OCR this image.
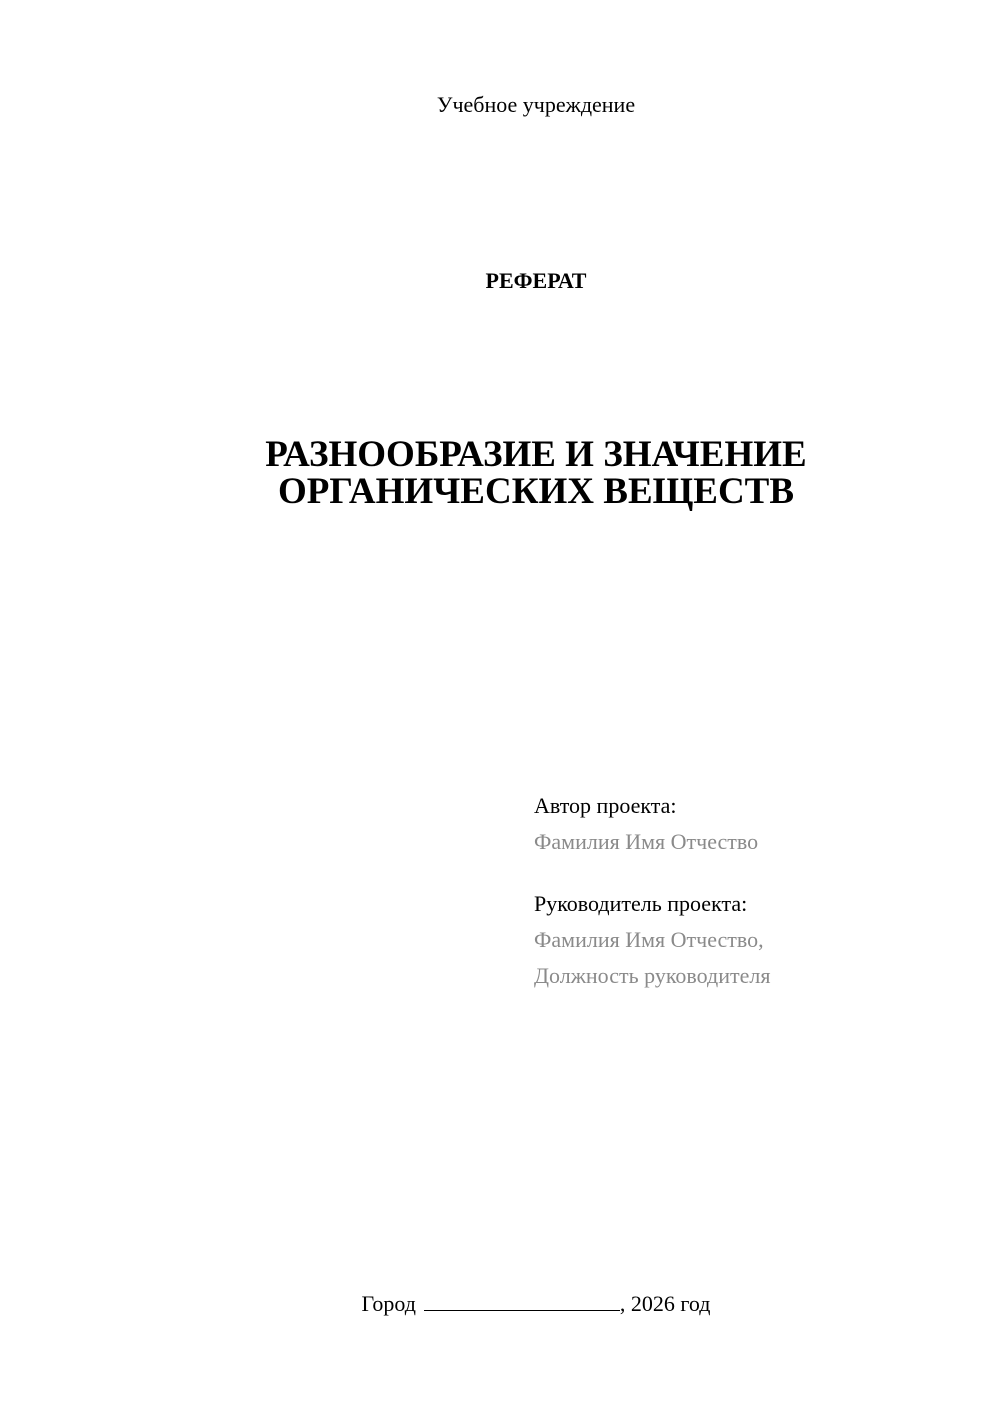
Учебное учреждение
РЕФЕРАТ
РАЗНООБРАЗИЕ И ЗНАЧЕНИЕ
ОРГАНИЧЕСКИХ ВЕЩЕСТВ
Автор проекта:
Фамилия Имя Отчество
Руководитель проекта:
Фамилия Имя Отчество,
Должность руководителя
Город	, 2026 год
